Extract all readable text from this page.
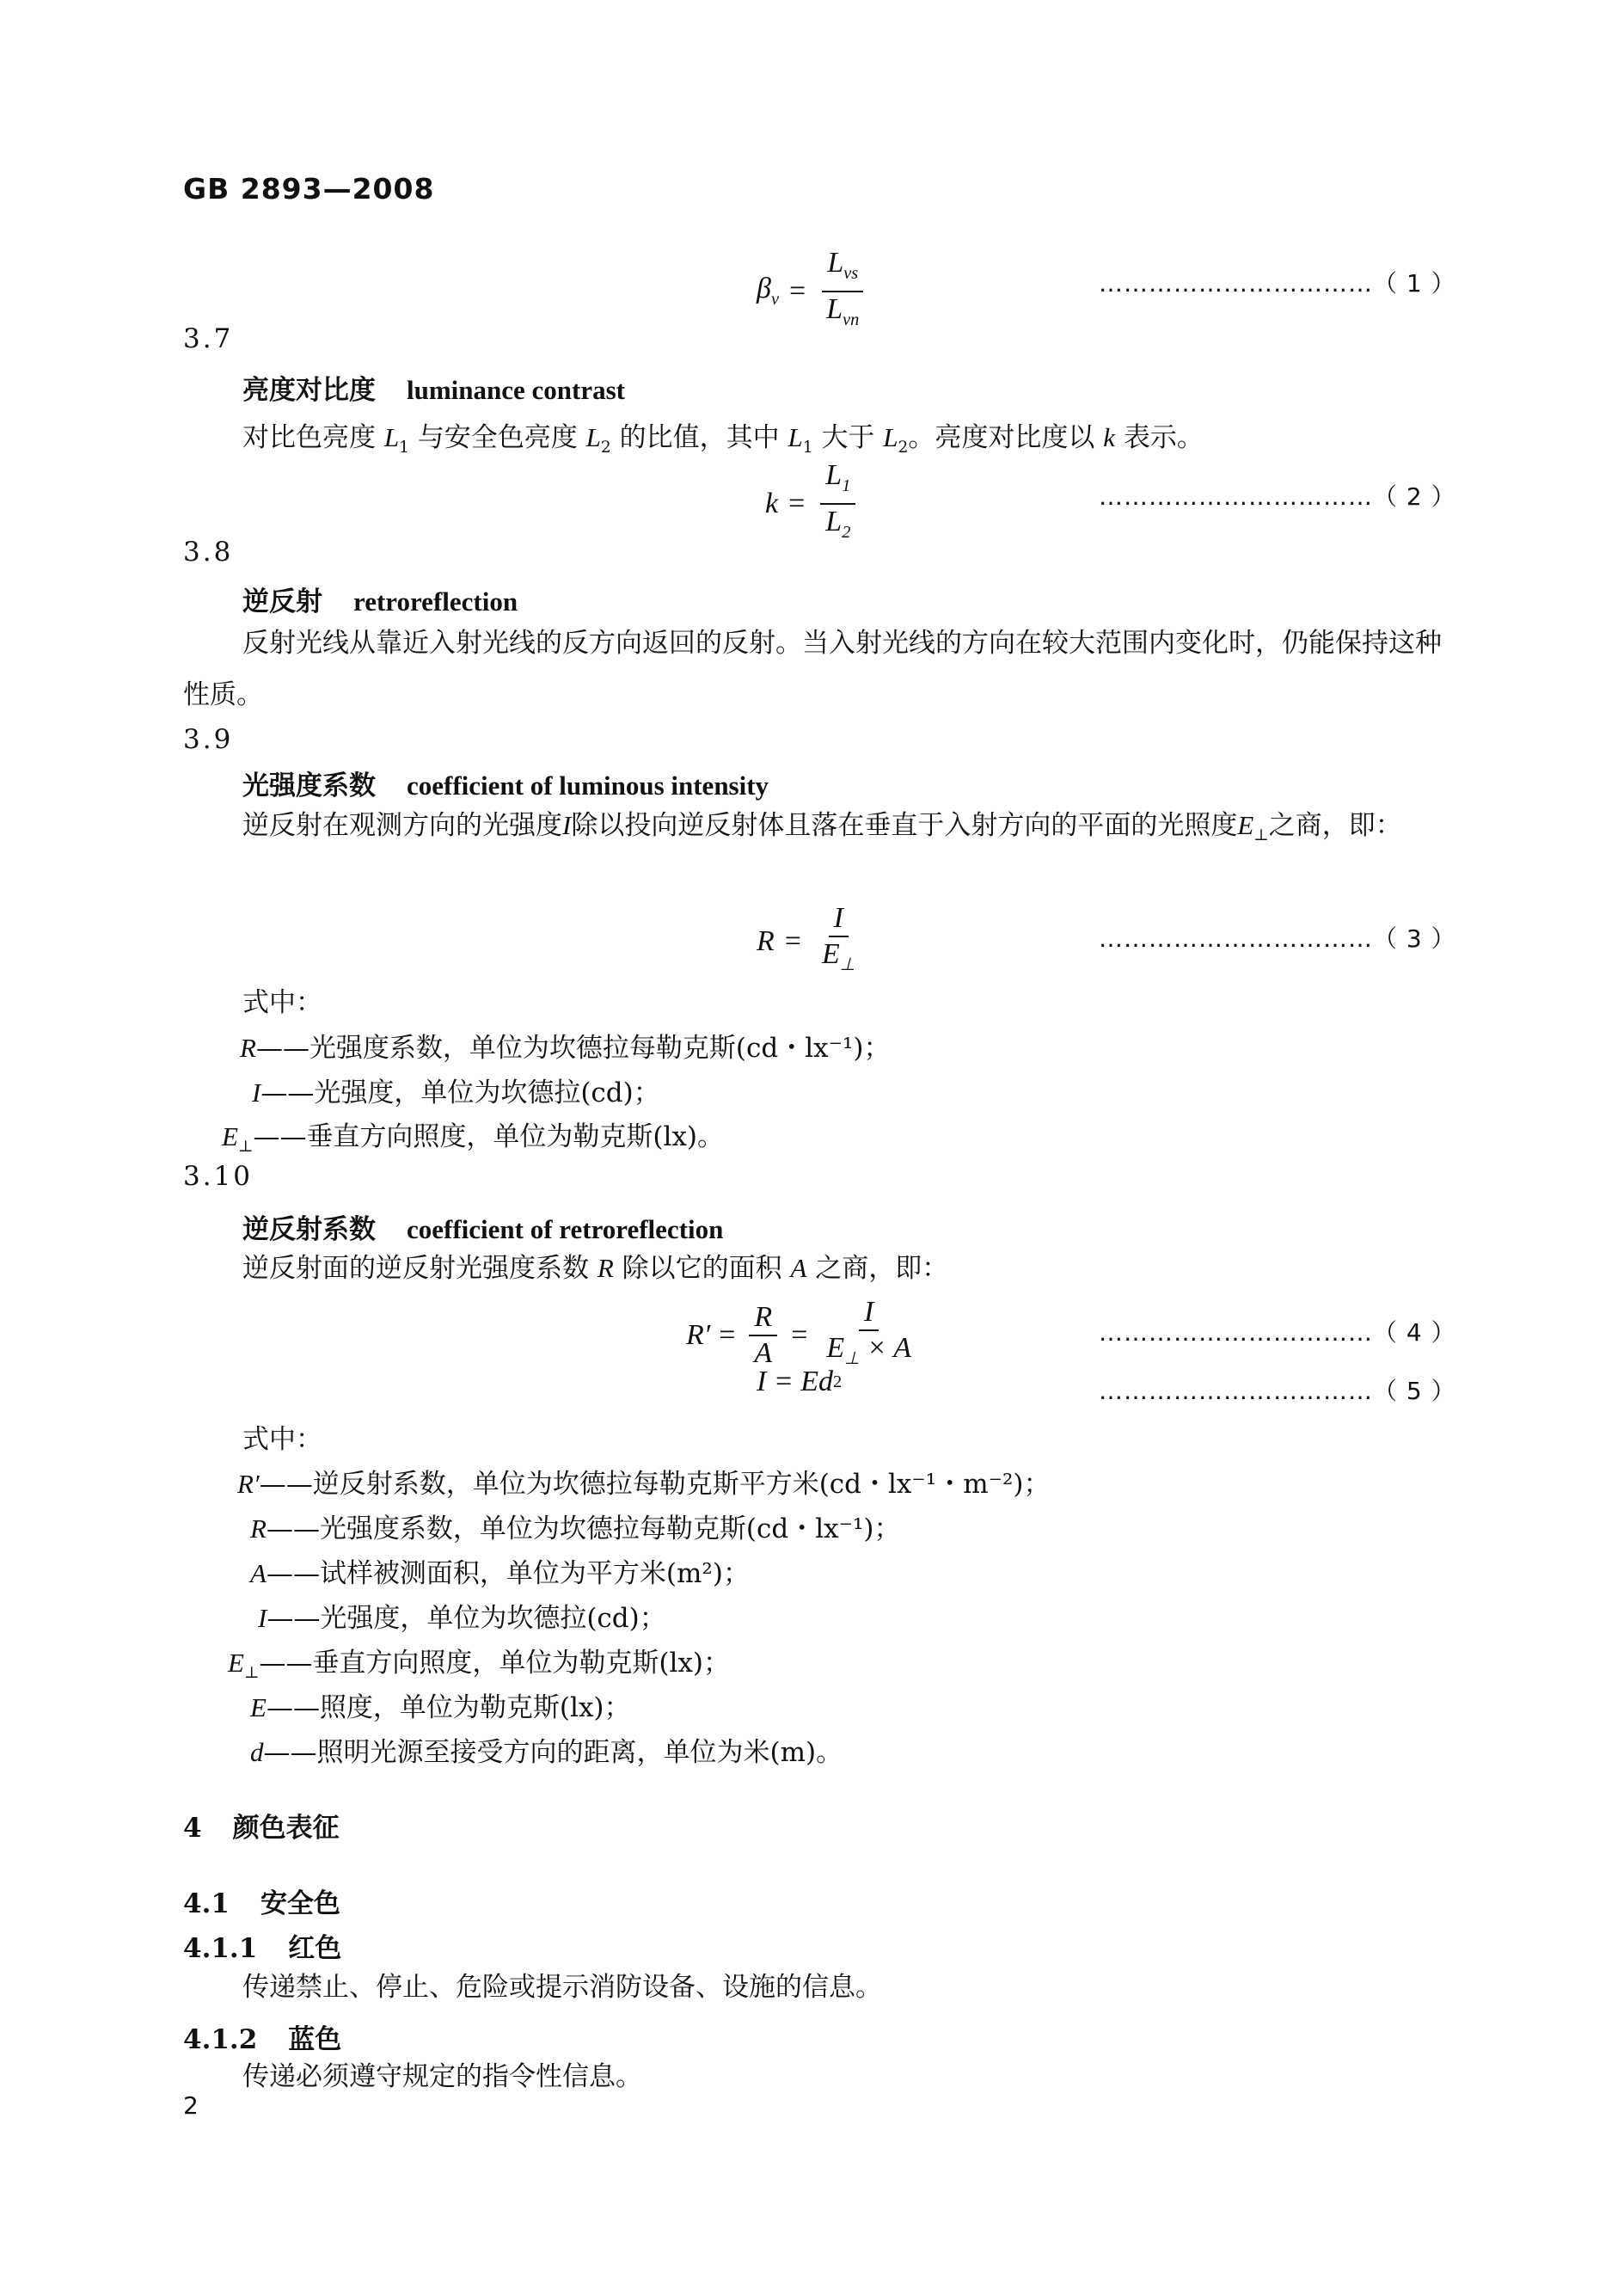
GB 2893—2008
$\beta_v = \frac{L_{vs}}{L_{vn}}$	……………………………（ 1 ）
3.7
亮度对比度 luminance contrast
对比色亮度 $L_1$ 与安全色亮度 $L_2$ 的比值，其中 $L_1$ 大于 $L_2$。亮度对比度以 k 表示。
$k = \frac{L_1}{L_2}$	……………………………（ 2 ）
3.8
逆反射 retroreflection
反射光线从靠近入射光线的反方向返回的反射。当入射光线的方向在较大范围内变化时，仍能保持这种性质。
3.9
光强度系数 coefficient of luminous intensity
逆反射在观测方向的光强度I除以投向逆反射体且落在垂直于入射方向的平面的光照度$E_\perp$之商，即：
$R = \frac{I}{E_\perp}$	……………………………（ 3 ）
式中：
R——光强度系数，单位为坎德拉每勒克斯(cd・lx⁻¹)；
I——光强度，单位为坎德拉(cd)；
$E_\perp——$垂直方向照度，单位为勒克斯(lx)。
3.10
逆反射系数 coefficient of retroreflection
逆反射面的逆反射光强度系数 R 除以它的面积 A 之商，即：
$R' = \frac{R}{A} = \frac{I}{E_\perp \times A}$	……………………………（ 4 ）
I = Ed 2	……………………………（ 5 ）
式中：
R′——逆反射系数，单位为坎德拉每勒克斯平方米(cd・lx⁻¹・m⁻²)；
R——光强度系数，单位为坎德拉每勒克斯(cd・lx⁻¹)；
A——试样被测面积，单位为平方米(m²)；
I——光强度，单位为坎德拉(cd)；
$E_\perp——$垂直方向照度，单位为勒克斯(lx)；
E——照度，单位为勒克斯(lx)；
d——照明光源至接受方向的距离，单位为米(m)。
4 颜色表征
4.1 安全色
4.1.1 红色
传递禁止、停止、危险或提示消防设备、设施的信息。
4.1.2 蓝色
传递必须遵守规定的指令性信息。
2
